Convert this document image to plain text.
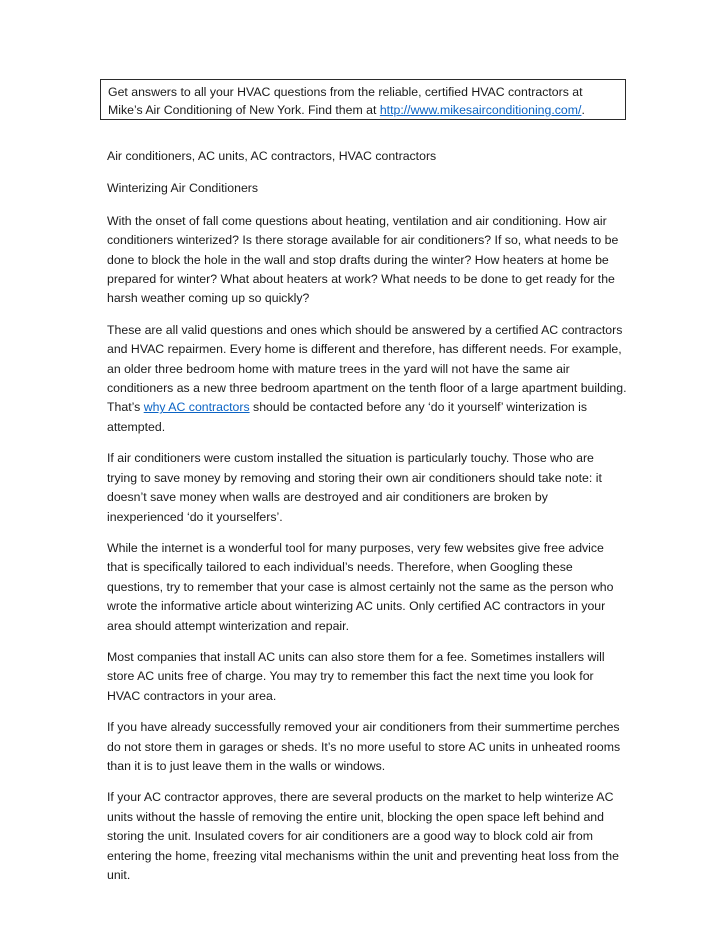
Get answers to all your HVAC questions from the reliable, certified HVAC contractors at Mike’s Air Conditioning of New York. Find them at http://www.mikesairconditioning.com/.

Air conditioners, AC units, AC contractors, HVAC contractors

Winterizing Air Conditioners

With the onset of fall come questions about heating, ventilation and air conditioning. How air conditioners winterized? Is there storage available for air conditioners? If so, what needs to be done to block the hole in the wall and stop drafts during the winter? How heaters at home be prepared for winter? What about heaters at work? What needs to be done to get ready for the harsh weather coming up so quickly?

These are all valid questions and ones which should be answered by a certified AC contractors and HVAC repairmen. Every home is different and therefore, has different needs. For example, an older three bedroom home with mature trees in the yard will not have the same air conditioners as a new three bedroom apartment on the tenth floor of a large apartment building. That’s why AC contractors should be contacted before any ‘do it yourself’ winterization is attempted.

If air conditioners were custom installed the situation is particularly touchy. Those who are trying to save money by removing and storing their own air conditioners should take note: it doesn’t save money when walls are destroyed and air conditioners are broken by inexperienced ‘do it yourselfers’.

While the internet is a wonderful tool for many purposes, very few websites give free advice that is specifically tailored to each individual’s needs. Therefore, when Googling these questions, try to remember that your case is almost certainly not the same as the person who wrote the informative article about winterizing AC units. Only certified AC contractors in your area should attempt winterization and repair.

Most companies that install AC units can also store them for a fee. Sometimes installers will store AC units free of charge. You may try to remember this fact the next time you look for HVAC contractors in your area.

If you have already successfully removed your air conditioners from their summertime perches do not store them in garages or sheds. It’s no more useful to store AC units in unheated rooms than it is to just leave them in the walls or windows.

If your AC contractor approves, there are several products on the market to help winterize AC units without the hassle of removing the entire unit, blocking the open space left behind and storing the unit. Insulated covers for air conditioners are a good way to block cold air from entering the home, freezing vital mechanisms within the unit and preventing heat loss from the unit.
